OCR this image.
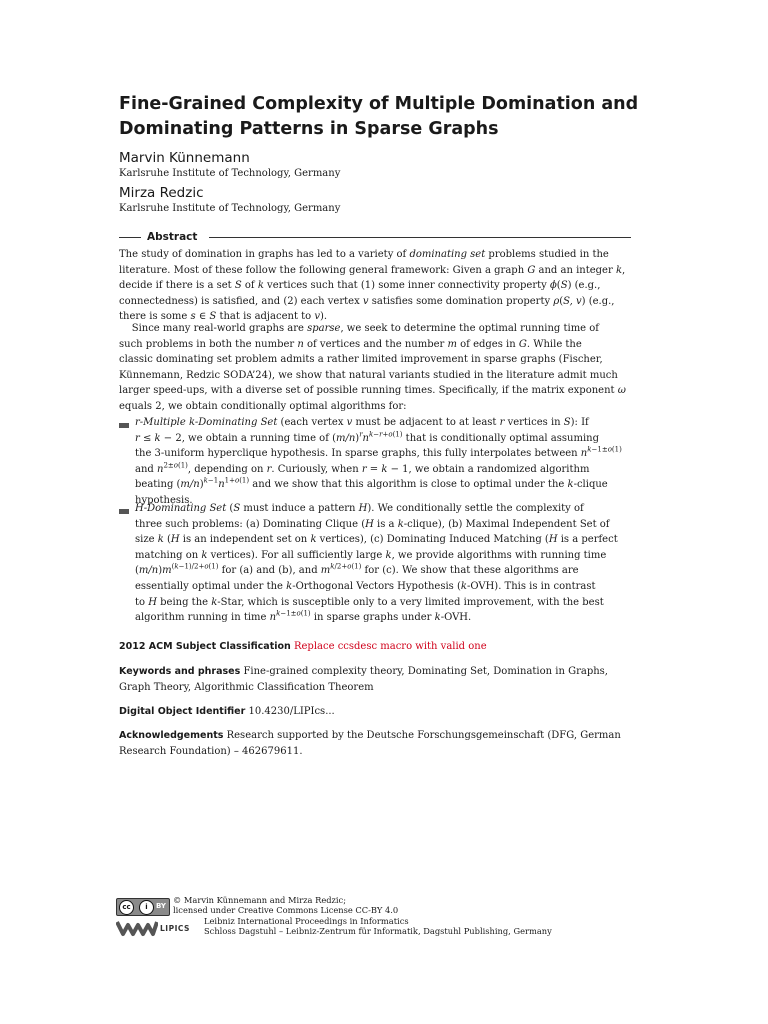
Fine-Grained Complexity of Multiple Domination and Dominating Patterns in Sparse Graphs
Marvin Künnemann
Karlsruhe Institute of Technology, Germany
Mirza Redzic
Karlsruhe Institute of Technology, Germany
Abstract
The study of domination in graphs has led to a variety of dominating set problems studied in the
literature. Most of these follow the following general framework: Given a graph G and an integer k,
decide if there is a set S of k vertices such that (1) some inner connectivity property ϕ(S) (e.g.,
connectedness) is satisfied, and (2) each vertex v satisfies some domination property ρ(S, v) (e.g.,
there is some s ∈ S that is adjacent to v).
Since many real-world graphs are sparse, we seek to determine the optimal running time of
such problems in both the number n of vertices and the number m of edges in G. While the
classic dominating set problem admits a rather limited improvement in sparse graphs (Fischer,
Künnemann, Redzic SODA’24), we show that natural variants studied in the literature admit much
larger speed-ups, with a diverse set of possible running times. Specifically, if the matrix exponent ω
equals 2, we obtain conditionally optimal algorithms for:
r-Multiple k-Dominating Set (each vertex v must be adjacent to at least r vertices in S): If
r ≤ k − 2, we obtain a running time of $(m/n)^rn^{k-r+o(1)}$ that is conditionally optimal assuming
the 3-uniform hyperclique hypothesis. In sparse graphs, this fully interpolates between $n^{k-1\pm o(1)}$
and $n^{2\pm o(1)}$, depending on r. Curiously, when r = k − 1, we obtain a randomized algorithm
beating $(m/n)^{k-1}n^{1+o(1)}$ and we show that this algorithm is close to optimal under the k-clique
hypothesis.
H-Dominating Set (S must induce a pattern H). We conditionally settle the complexity of
three such problems: (a) Dominating Clique (H is a k-clique), (b) Maximal Independent Set of
size k (H is an independent set on k vertices), (c) Dominating Induced Matching (H is a perfect
matching on k vertices). For all sufficiently large k, we provide algorithms with running time
$(m/n)m^{(k-1)/2+o(1)}$ for (a) and (b), and $m^{k/2+o(1)}$ for (c). We show that these algorithms are
essentially optimal under the k-Orthogonal Vectors Hypothesis (k-OVH). This is in contrast
to H being the k-Star, which is susceptible only to a very limited improvement, with the best
algorithm running in time $n^{k-1\pm o(1)}$ in sparse graphs under k-OVH.
2012 ACM Subject Classification Replace ccsdesc macro with valid one
Keywords and phrases Fine-grained complexity theory, Dominating Set, Domination in Graphs, Graph Theory, Algorithmic Classification Theorem
Digital Object Identifier 10.4230/LIPIcs...
Acknowledgements Research supported by the Deutsche Forschungsgemeinschaft (DFG, German Research Foundation) – 462679611.
cc	i	BY
LIPICS
© Marvin Künnemann and Mirza Redzic;
licensed under Creative Commons License CC-BY 4.0
Leibniz International Proceedings in Informatics
Schloss Dagstuhl – Leibniz-Zentrum für Informatik, Dagstuhl Publishing, Germany
